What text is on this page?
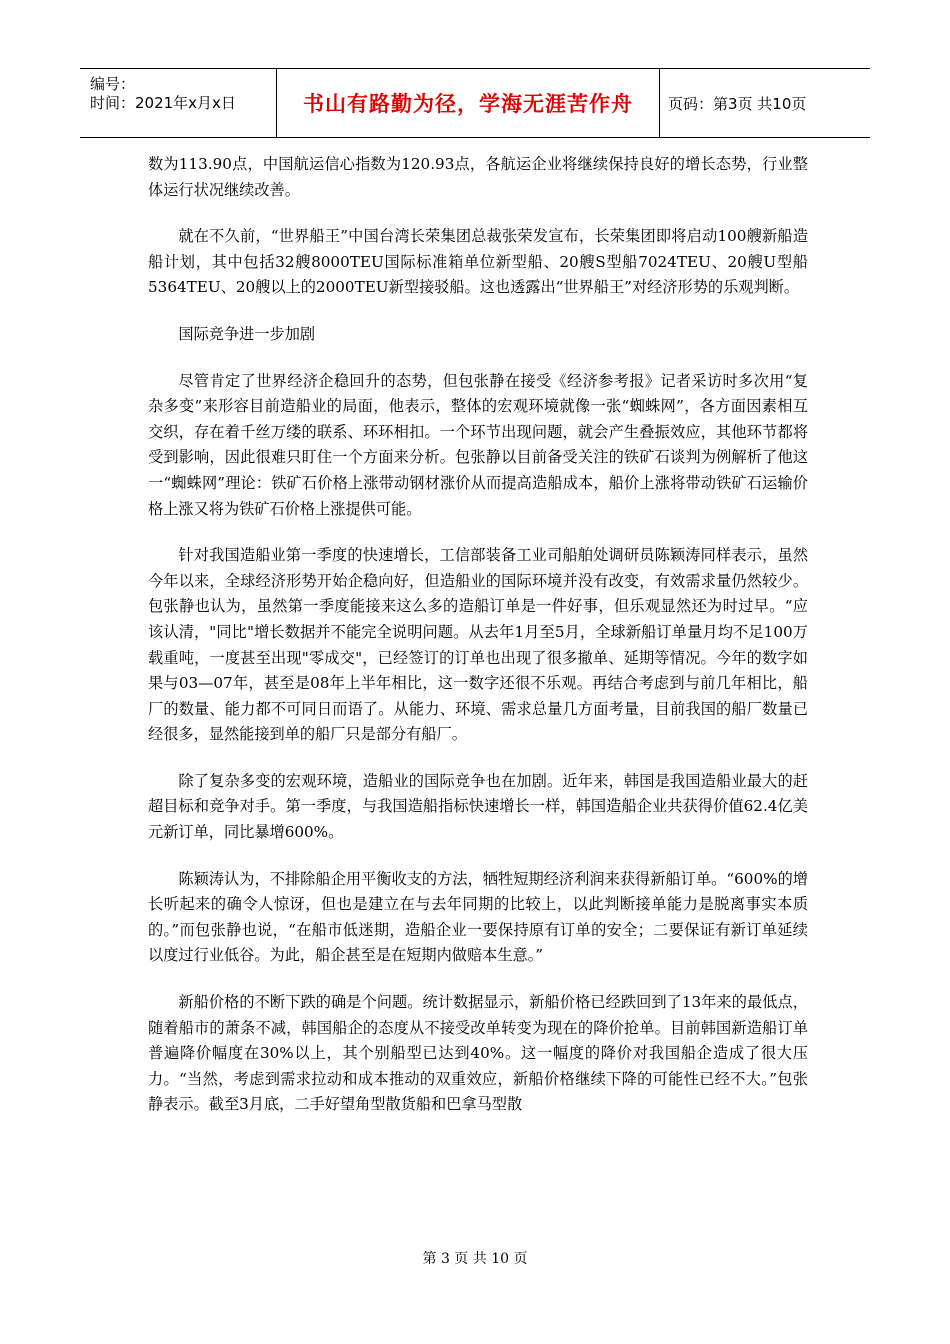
编号：
时间：2021年x月x日	书山有路勤为径，学海无涯苦作舟	页码：第3页 共10页

数为113.90点，中国航运信心指数为120.93点，各航运企业将继续保持良好的增长态势，行业整体运行状况继续改善。

就在不久前，“世界船王”中国台湾长荣集团总裁张荣发宣布，长荣集团即将启动100艘新船造船计划，其中包括32艘8000TEU国际标准箱单位新型船、20艘S型船7024TEU、20艘U型船5364TEU、20艘以上的2000TEU新型接驳船。这也透露出“世界船王”对经济形势的乐观判断。

国际竞争进一步加剧

尽管肯定了世界经济企稳回升的态势，但包张静在接受《经济参考报》记者采访时多次用“复杂多变”来形容目前造船业的局面，他表示，整体的宏观环境就像一张“蜘蛛网”，各方面因素相互交织，存在着千丝万缕的联系、环环相扣。一个环节出现问题，就会产生叠振效应，其他环节都将受到影响，因此很难只盯住一个方面来分析。包张静以目前备受关注的铁矿石谈判为例解析了他这一“蜘蛛网”理论：铁矿石价格上涨带动钢材涨价从而提高造船成本，船价上涨将带动铁矿石运输价格上涨又将为铁矿石价格上涨提供可能。

针对我国造船业第一季度的快速增长，工信部装备工业司船舶处调研员陈颖涛同样表示，虽然今年以来，全球经济形势开始企稳向好，但造船业的国际环境并没有改变，有效需求量仍然较少。包张静也认为，虽然第一季度能接来这么多的造船订单是一件好事，但乐观显然还为时过早。“应该认清，"同比"增长数据并不能完全说明问题。从去年1月至5月，全球新船订单量月均不足100万载重吨，一度甚至出现"零成交"，已经签订的订单也出现了很多撤单、延期等情况。今年的数字如果与03—07年，甚至是08年上半年相比，这一数字还很不乐观。再结合考虑到与前几年相比，船厂的数量、能力都不可同日而语了。从能力、环境、需求总量几方面考量，目前我国的船厂数量已经很多，显然能接到单的船厂只是部分有船厂。

除了复杂多变的宏观环境，造船业的国际竞争也在加剧。近年来，韩国是我国造船业最大的赶超目标和竞争对手。第一季度，与我国造船指标快速增长一样，韩国造船企业共获得价值62.4亿美元新订单，同比暴增600%。

陈颖涛认为，不排除船企用平衡收支的方法，牺牲短期经济利润来获得新船订单。“600%的增长听起来的确令人惊讶，但也是建立在与去年同期的比较上，以此判断接单能力是脱离事实本质的。”而包张静也说，“在船市低迷期，造船企业一要保持原有订单的安全；二要保证有新订单延续以度过行业低谷。为此，船企甚至是在短期内做赔本生意。”

新船价格的不断下跌的确是个问题。统计数据显示，新船价格已经跌回到了13年来的最低点，随着船市的萧条不减，韩国船企的态度从不接受改单转变为现在的降价抢单。目前韩国新造船订单普遍降价幅度在30%以上，其个别船型已达到40%。这一幅度的降价对我国船企造成了很大压力。“当然，考虑到需求拉动和成本推动的双重效应，新船价格继续下降的可能性已经不大。”包张静表示。截至3月底，二手好望角型散货船和巴拿马型散

第 3 页 共 10 页
